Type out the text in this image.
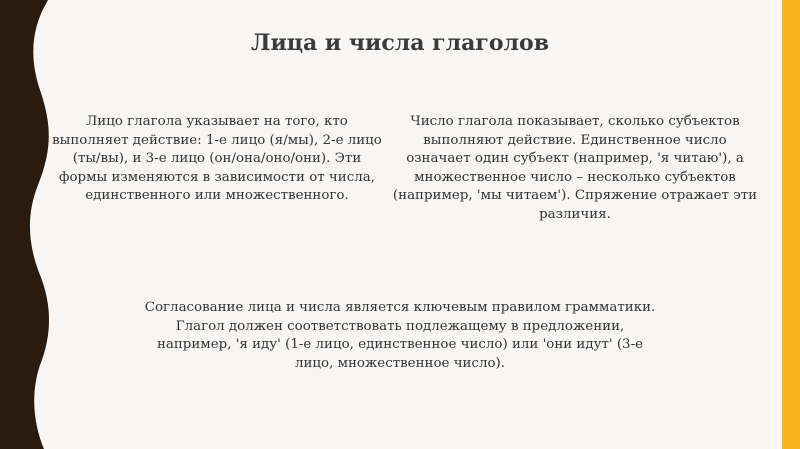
Лица и числа глаголов

Лицо глагола указывает на того, кто выполняет действие: 1-е лицо (я/мы), 2-е лицо (ты/вы), и 3-е лицо (он/она/оно/они). Эти формы изменяются в зависимости от числа, единственного или множественного.

Число глагола показывает, сколько субъектов выполняют действие. Единственное число означает один субъект (например, 'я читаю'), а множественное число – несколько субъектов (например, 'мы читаем'). Спряжение отражает эти различия.

Согласование лица и числа является ключевым правилом грамматики. Глагол должен соответствовать подлежащему в предложении, например, 'я иду' (1-е лицо, единственное число) или 'они идут' (3-е лицо, множественное число).
